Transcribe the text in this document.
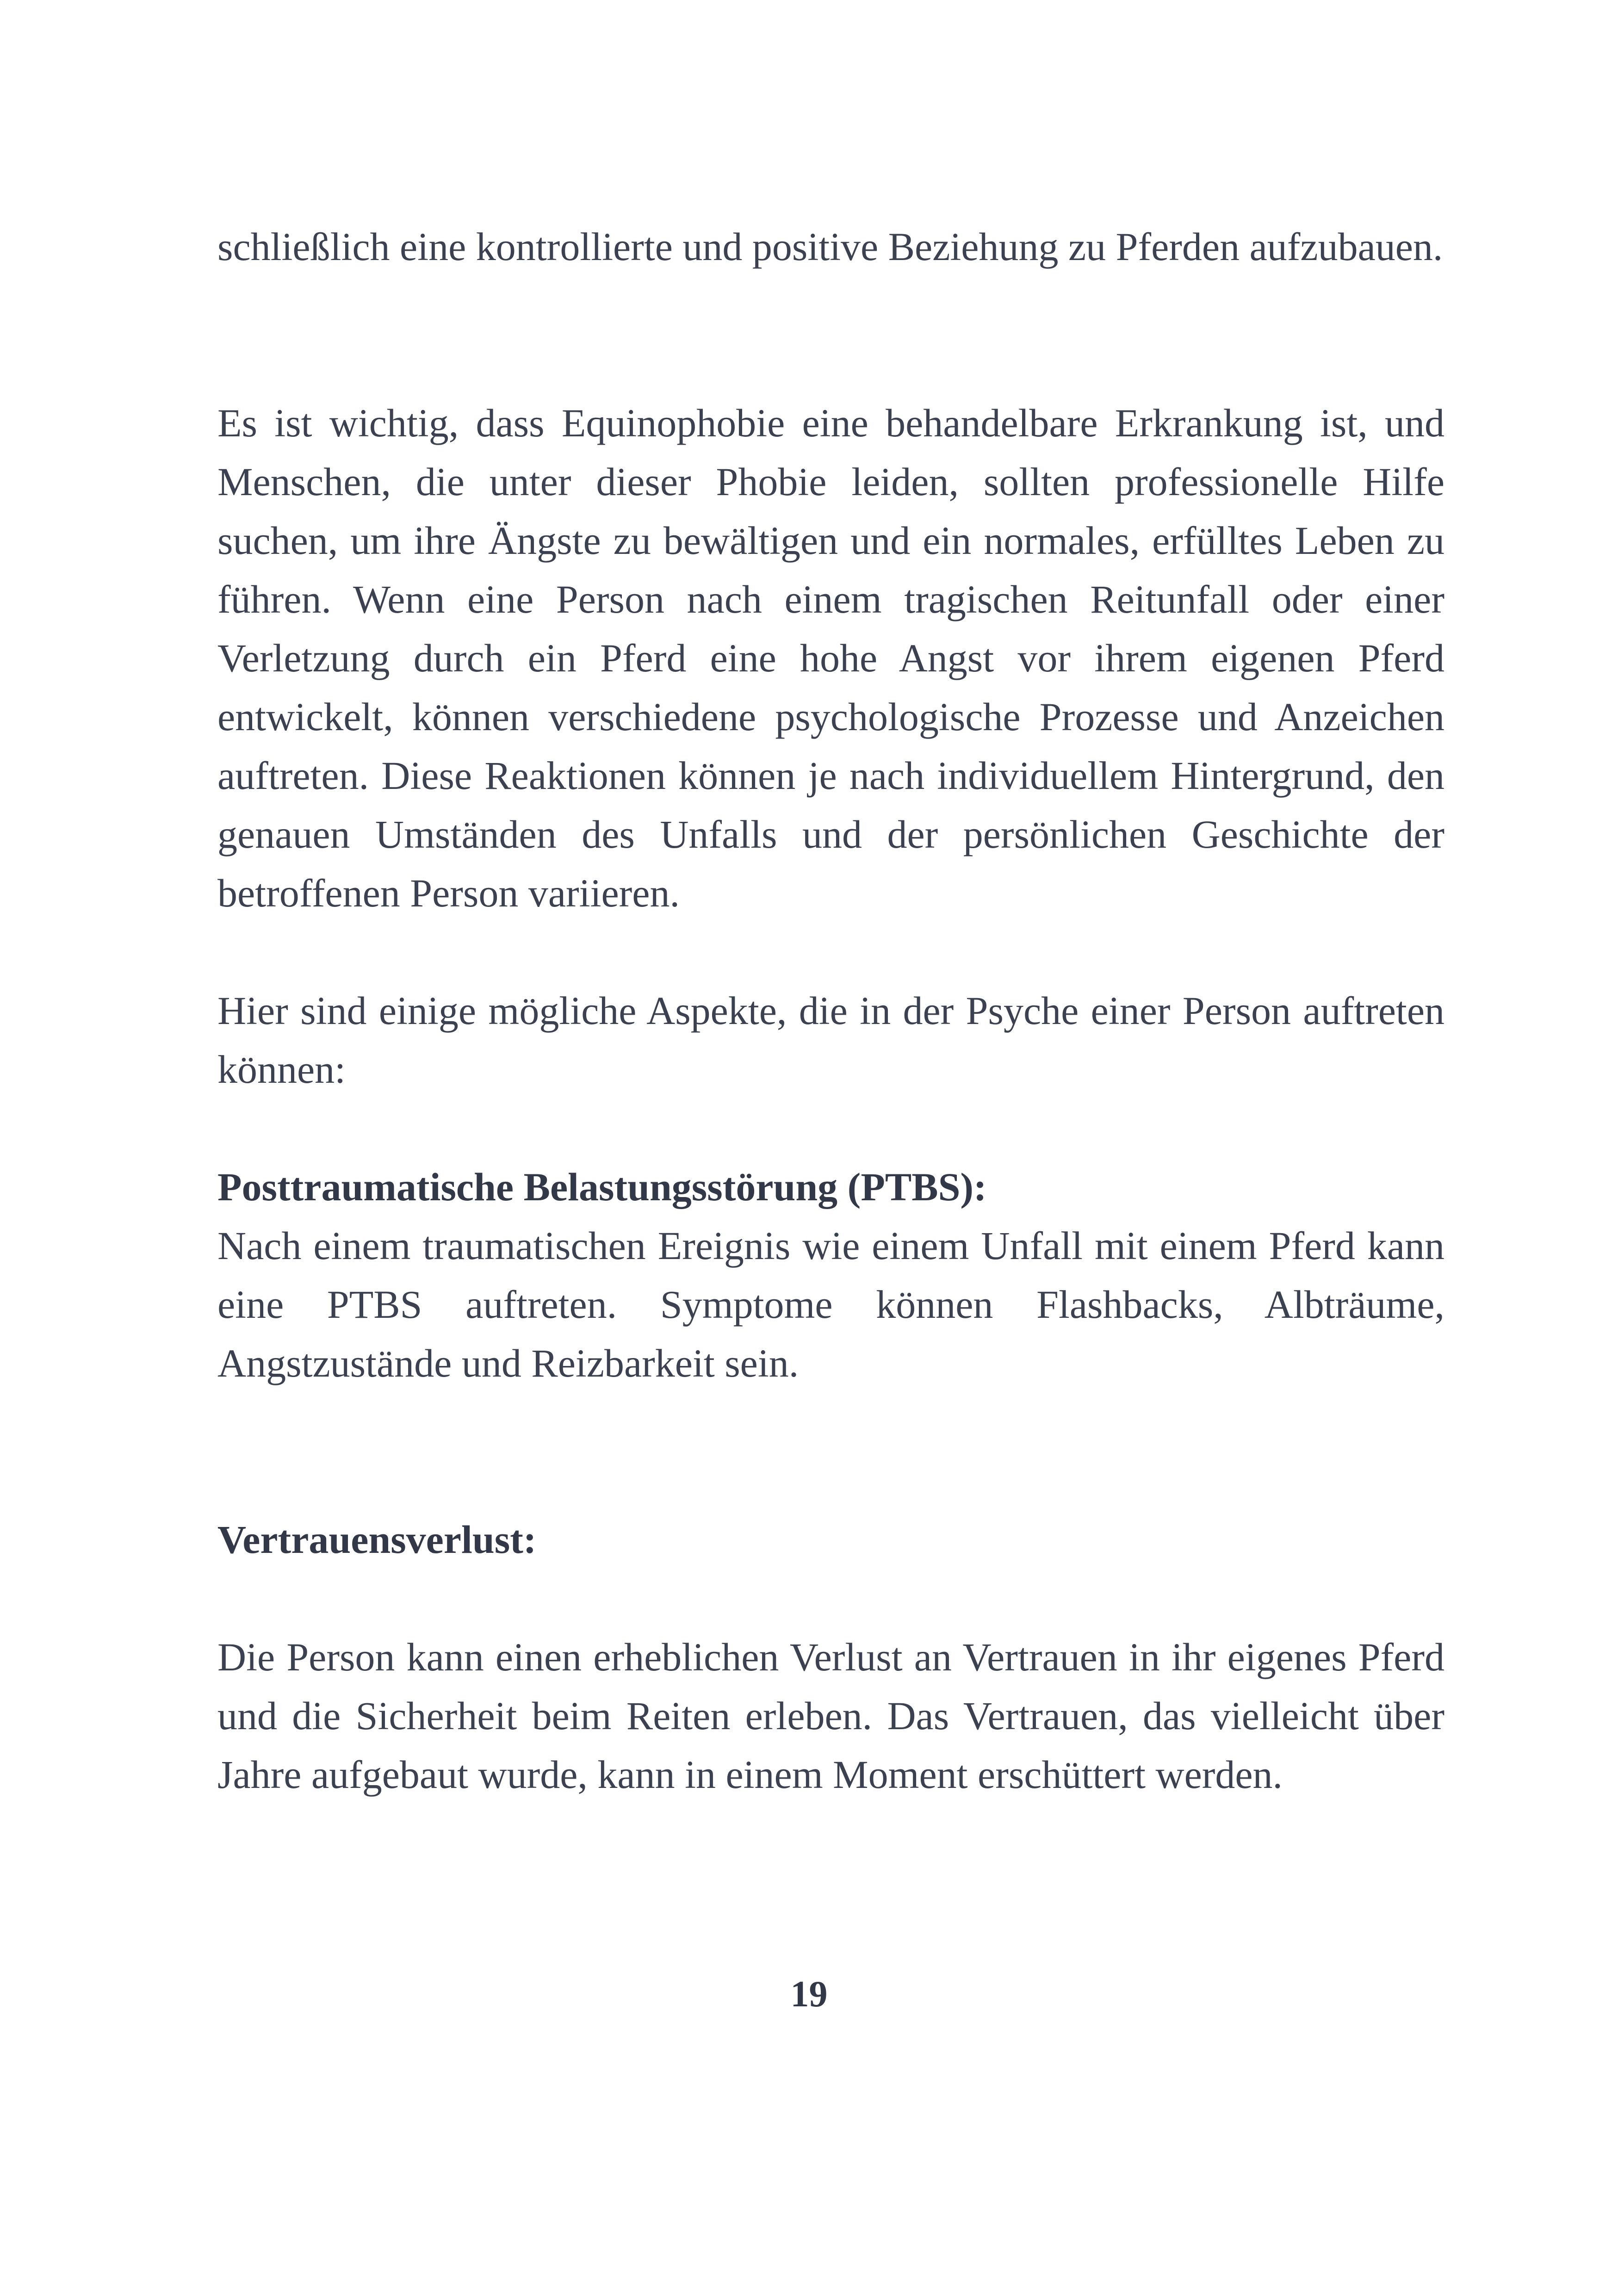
schließlich eine kontrollierte und positive Beziehung zu Pferden aufzubauen.

Es ist wichtig, dass Equinophobie eine behandelbare Erkrankung ist, und Menschen, die unter dieser Phobie leiden, sollten professionelle Hilfe suchen, um ihre Ängste zu bewältigen und ein normales, erfülltes Leben zu führen. Wenn eine Person nach einem tragischen Reitunfall oder einer Verletzung durch ein Pferd eine hohe Angst vor ihrem eigenen Pferd entwickelt, können verschiedene psychologische Prozesse und Anzeichen auftreten. Diese Reaktionen können je nach individuellem Hintergrund, den genauen Umständen des Unfalls und der persönlichen Geschichte der betroffenen Person variieren.

Hier sind einige mögliche Aspekte, die in der Psyche einer Person auftreten können:

Posttraumatische Belastungsstörung (PTBS):

Nach einem traumatischen Ereignis wie einem Unfall mit einem Pferd kann eine PTBS auftreten. Symptome können Flashbacks, Albträume, Angstzustände und Reizbarkeit sein.

Vertrauensverlust:

Die Person kann einen erheblichen Verlust an Vertrauen in ihr eigenes Pferd und die Sicherheit beim Reiten erleben. Das Vertrauen, das vielleicht über Jahre aufgebaut wurde, kann in einem Moment erschüttert werden.

19
